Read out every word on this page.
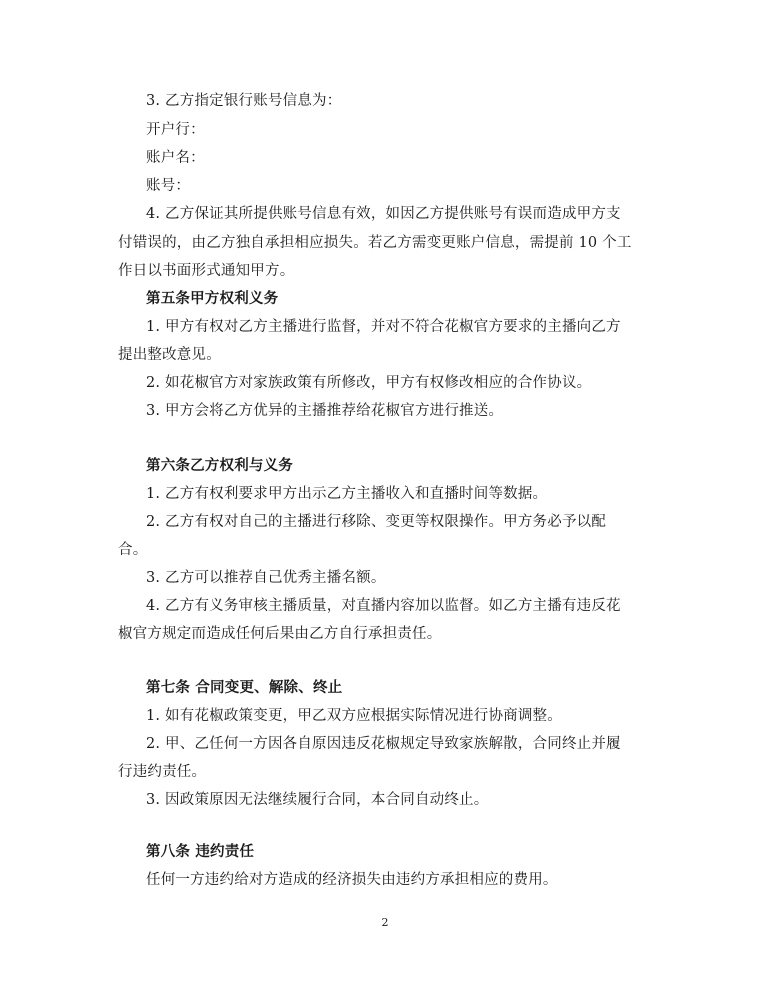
3. 乙方指定银行账号信息为：
开户行：
账户名：
账号：
4. 乙方保证其所提供账号信息有效，如因乙方提供账号有误而造成甲方支
付错误的，由乙方独自承担相应损失。若乙方需变更账户信息，需提前 10 个工
作日以书面形式通知甲方。
第五条甲方权利义务
1. 甲方有权对乙方主播进行监督，并对不符合花椒官方要求的主播向乙方
提出整改意见。
2. 如花椒官方对家族政策有所修改，甲方有权修改相应的合作协议。
3. 甲方会将乙方优异的主播推荐给花椒官方进行推送。
第六条乙方权利与义务
1. 乙方有权利要求甲方出示乙方主播收入和直播时间等数据。
2. 乙方有权对自己的主播进行移除、变更等权限操作。甲方务必予以配
合。
3. 乙方可以推荐自己优秀主播名额。
4. 乙方有义务审核主播质量，对直播内容加以监督。如乙方主播有违反花
椒官方规定而造成任何后果由乙方自行承担责任。
第七条 合同变更、解除、终止
1. 如有花椒政策变更，甲乙双方应根据实际情况进行协商调整。
2. 甲、乙任何一方因各自原因违反花椒规定导致家族解散，合同终止并履
行违约责任。
3. 因政策原因无法继续履行合同，本合同自动终止。
第八条 违约责任
任何一方违约给对方造成的经济损失由违约方承担相应的费用。
2
